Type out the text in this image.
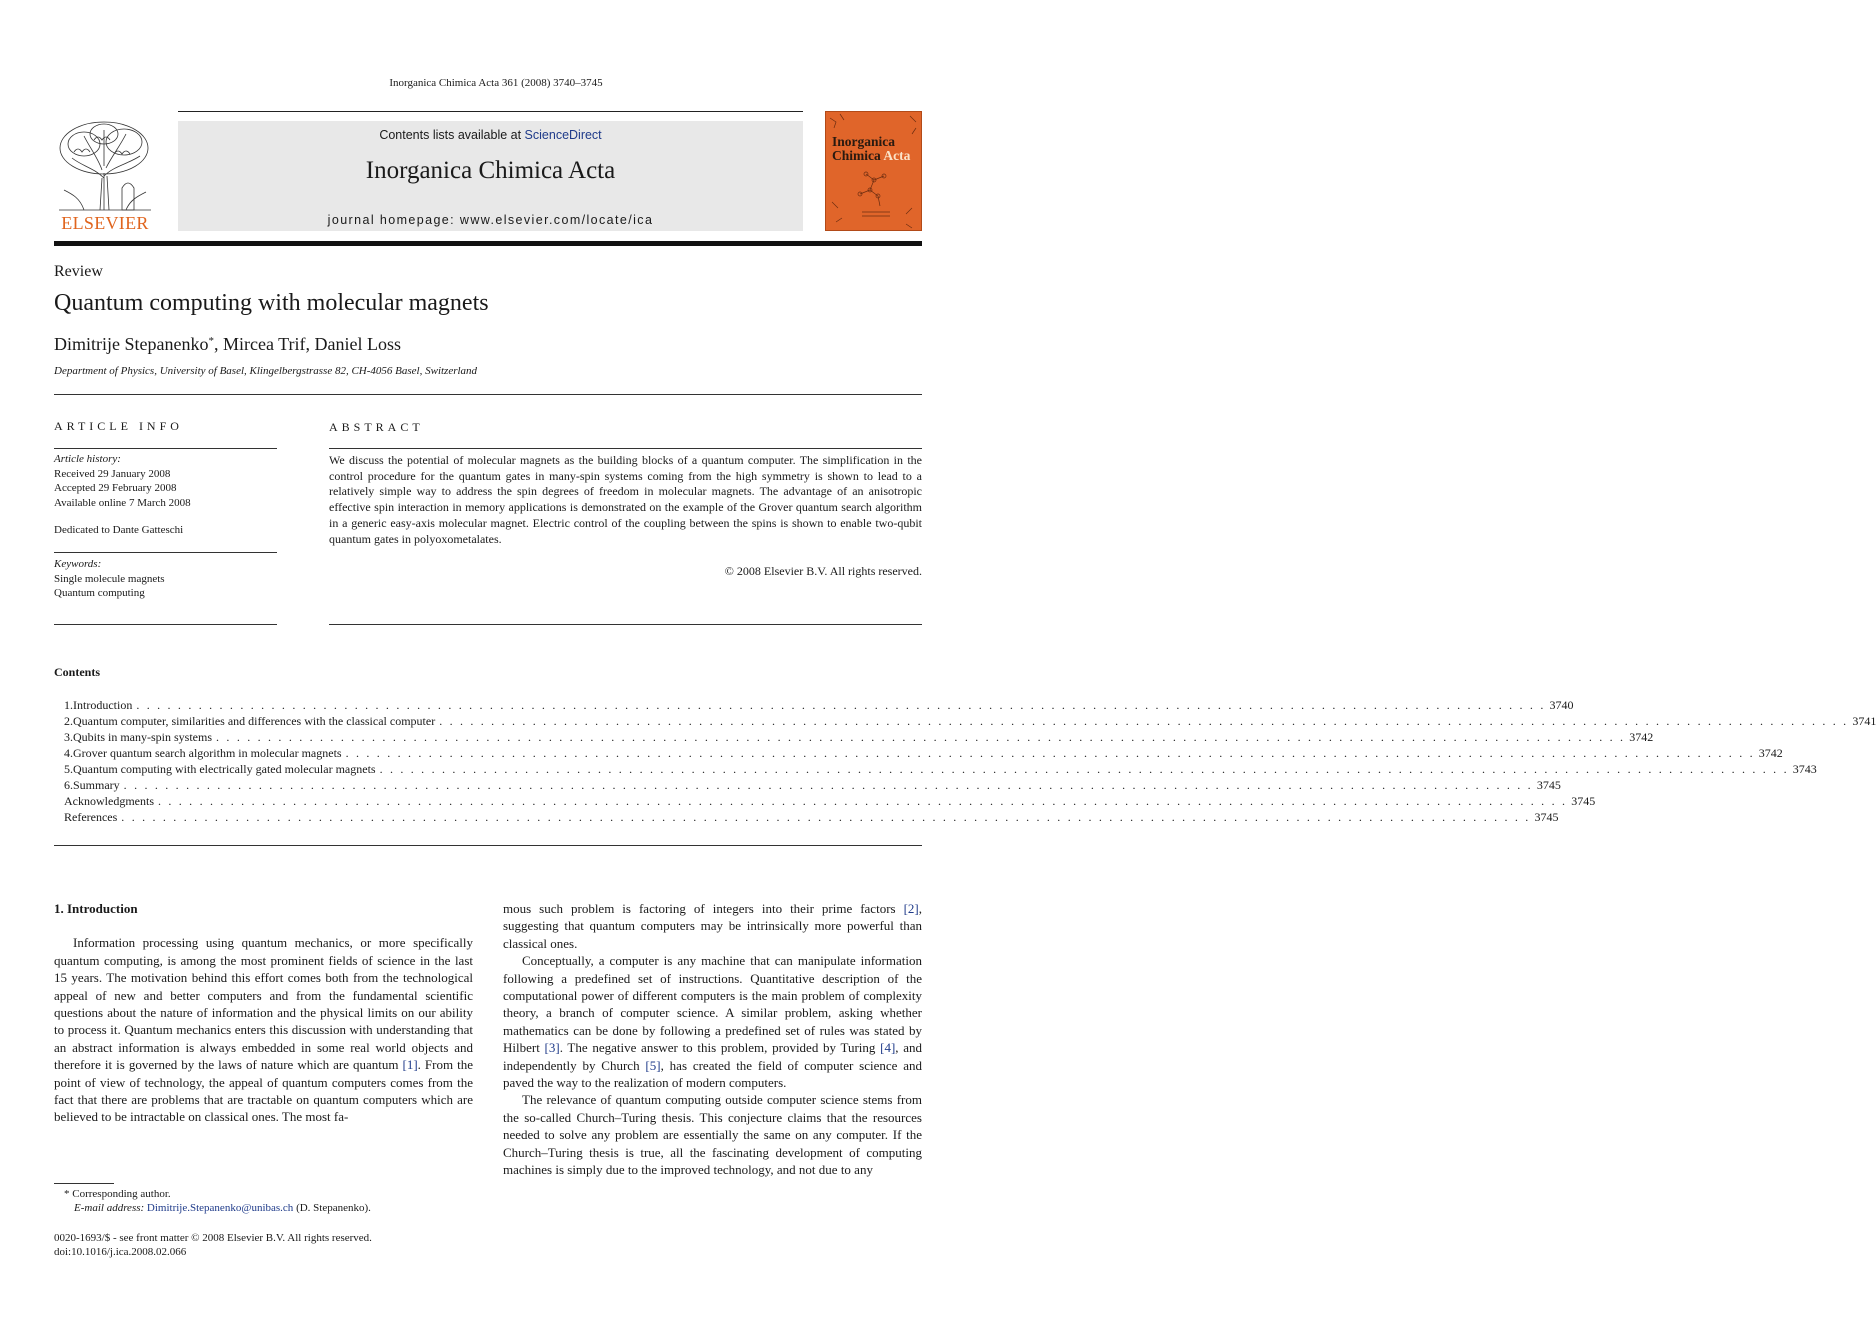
Inorganica Chimica Acta 361 (2008) 3740–3745
ELSEVIER
Contents lists available at ScienceDirect
Inorganica Chimica Acta
journal homepage: www.elsevier.com/locate/ica
Inorganica
Chimica Acta
Review
Quantum computing with molecular magnets
Dimitrije Stepanenko*, Mircea Trif, Daniel Loss
Department of Physics, University of Basel, Klingelbergstrasse 82, CH-4056 Basel, Switzerland
ARTICLE INFO
Article history:
Received 29 January 2008
Accepted 29 February 2008
Available online 7 March 2008
Dedicated to Dante Gatteschi
Keywords:
Single molecule magnets
Quantum computing
ABSTRACT
We discuss the potential of molecular magnets as the building blocks of a quantum computer. The simplification in the control procedure for the quantum gates in many-spin systems coming from the high symmetry is shown to lead to a relatively simple way to address the spin degrees of freedom in molecular magnets. The advantage of an anisotropic effective spin interaction in memory applications is demonstrated on the example of the Grover quantum search algorithm in a generic easy-axis molecular magnet. Electric control of the coupling between the spins is shown to enable two-qubit quantum gates in polyoxometalates.
© 2008 Elsevier B.V. All rights reserved.
Contents
1. Introduction . . . . . . . . . . . . . . . . . . . . . . . . . . . . . . . . . . . . . . . . . . . . . . . . . . . . . . . . . . . . . . . . . . . . . . . . . . . . . . . . . . . . . . . . . . . . . . . . . . . . . . . . . . . . . . . . . . . . . . . . . . . . . . . . . . . . . . . . 3740
2. Quantum computer, similarities and differences with the classical computer . . . . . . . . . . . . . . . . . . . . . . . . . . . . . . . . . . . . . . . . . . . . . . . . . . . . . . . . . . . . . . . . . . . . . . . . . . . . . . . . . . . . . . . . . . . . . . . . . . . . . . . . . . . . . . . . . . . . . . . . . . . . . . . . . . . . . . . . 3741
3. Qubits in many-spin systems . . . . . . . . . . . . . . . . . . . . . . . . . . . . . . . . . . . . . . . . . . . . . . . . . . . . . . . . . . . . . . . . . . . . . . . . . . . . . . . . . . . . . . . . . . . . . . . . . . . . . . . . . . . . . . . . . . . . . . . . . . . . . . . . . . . . . . . . 3742
4. Grover quantum search algorithm in molecular magnets . . . . . . . . . . . . . . . . . . . . . . . . . . . . . . . . . . . . . . . . . . . . . . . . . . . . . . . . . . . . . . . . . . . . . . . . . . . . . . . . . . . . . . . . . . . . . . . . . . . . . . . . . . . . . . . . . . . . . . . . . . . . . . . . . . . . . . . . 3742
5. Quantum computing with electrically gated molecular magnets . . . . . . . . . . . . . . . . . . . . . . . . . . . . . . . . . . . . . . . . . . . . . . . . . . . . . . . . . . . . . . . . . . . . . . . . . . . . . . . . . . . . . . . . . . . . . . . . . . . . . . . . . . . . . . . . . . . . . . . . . . . . . . . . . . . . . . . . 3743
6. Summary . . . . . . . . . . . . . . . . . . . . . . . . . . . . . . . . . . . . . . . . . . . . . . . . . . . . . . . . . . . . . . . . . . . . . . . . . . . . . . . . . . . . . . . . . . . . . . . . . . . . . . . . . . . . . . . . . . . . . . . . . . . . . . . . . . . . . . . . 3745
Acknowledgments . . . . . . . . . . . . . . . . . . . . . . . . . . . . . . . . . . . . . . . . . . . . . . . . . . . . . . . . . . . . . . . . . . . . . . . . . . . . . . . . . . . . . . . . . . . . . . . . . . . . . . . . . . . . . . . . . . . . . . . . . . . . . . . . . . . . . . . . 3745
References . . . . . . . . . . . . . . . . . . . . . . . . . . . . . . . . . . . . . . . . . . . . . . . . . . . . . . . . . . . . . . . . . . . . . . . . . . . . . . . . . . . . . . . . . . . . . . . . . . . . . . . . . . . . . . . . . . . . . . . . . . . . . . . . . . . . . . . . 3745
1. Introduction

Information processing using quantum mechanics, or more specifically quantum computing, is among the most prominent fields of science in the last 15 years. The motivation behind this effort comes both from the technological appeal of new and better computers and from the fundamental scientific questions about the nature of information and the physical limits on our ability to process it. Quantum mechanics enters this discussion with understanding that an abstract information is always embedded in some real world objects and therefore it is governed by the laws of nature which are quantum [1]. From the point of view of technology, the appeal of quantum computers comes from the fact that there are problems that are tractable on quantum computers which are believed to be intractable on classical ones. The most fa-

mous such problem is factoring of integers into their prime factors [2], suggesting that quantum computers may be intrinsically more powerful than classical ones.

Conceptually, a computer is any machine that can manipulate information following a predefined set of instructions. Quantitative description of the computational power of different computers is the main problem of complexity theory, a branch of computer science. A similar problem, asking whether mathematics can be done by following a predefined set of rules was stated by Hilbert [3]. The negative answer to this problem, provided by Turing [4], and independently by Church [5], has created the field of computer science and paved the way to the realization of modern computers.

The relevance of quantum computing outside computer science stems from the so-called Church–Turing thesis. This conjecture claims that the resources needed to solve any problem are essentially the same on any computer. If the Church–Turing thesis is true, all the fascinating development of computing machines is simply due to the improved technology, and not due to any

* Corresponding author.
E-mail address: Dimitrije.Stepanenko@unibas.ch (D. Stepanenko).
0020-1693/$ - see front matter © 2008 Elsevier B.V. All rights reserved.
doi:10.1016/j.ica.2008.02.066
